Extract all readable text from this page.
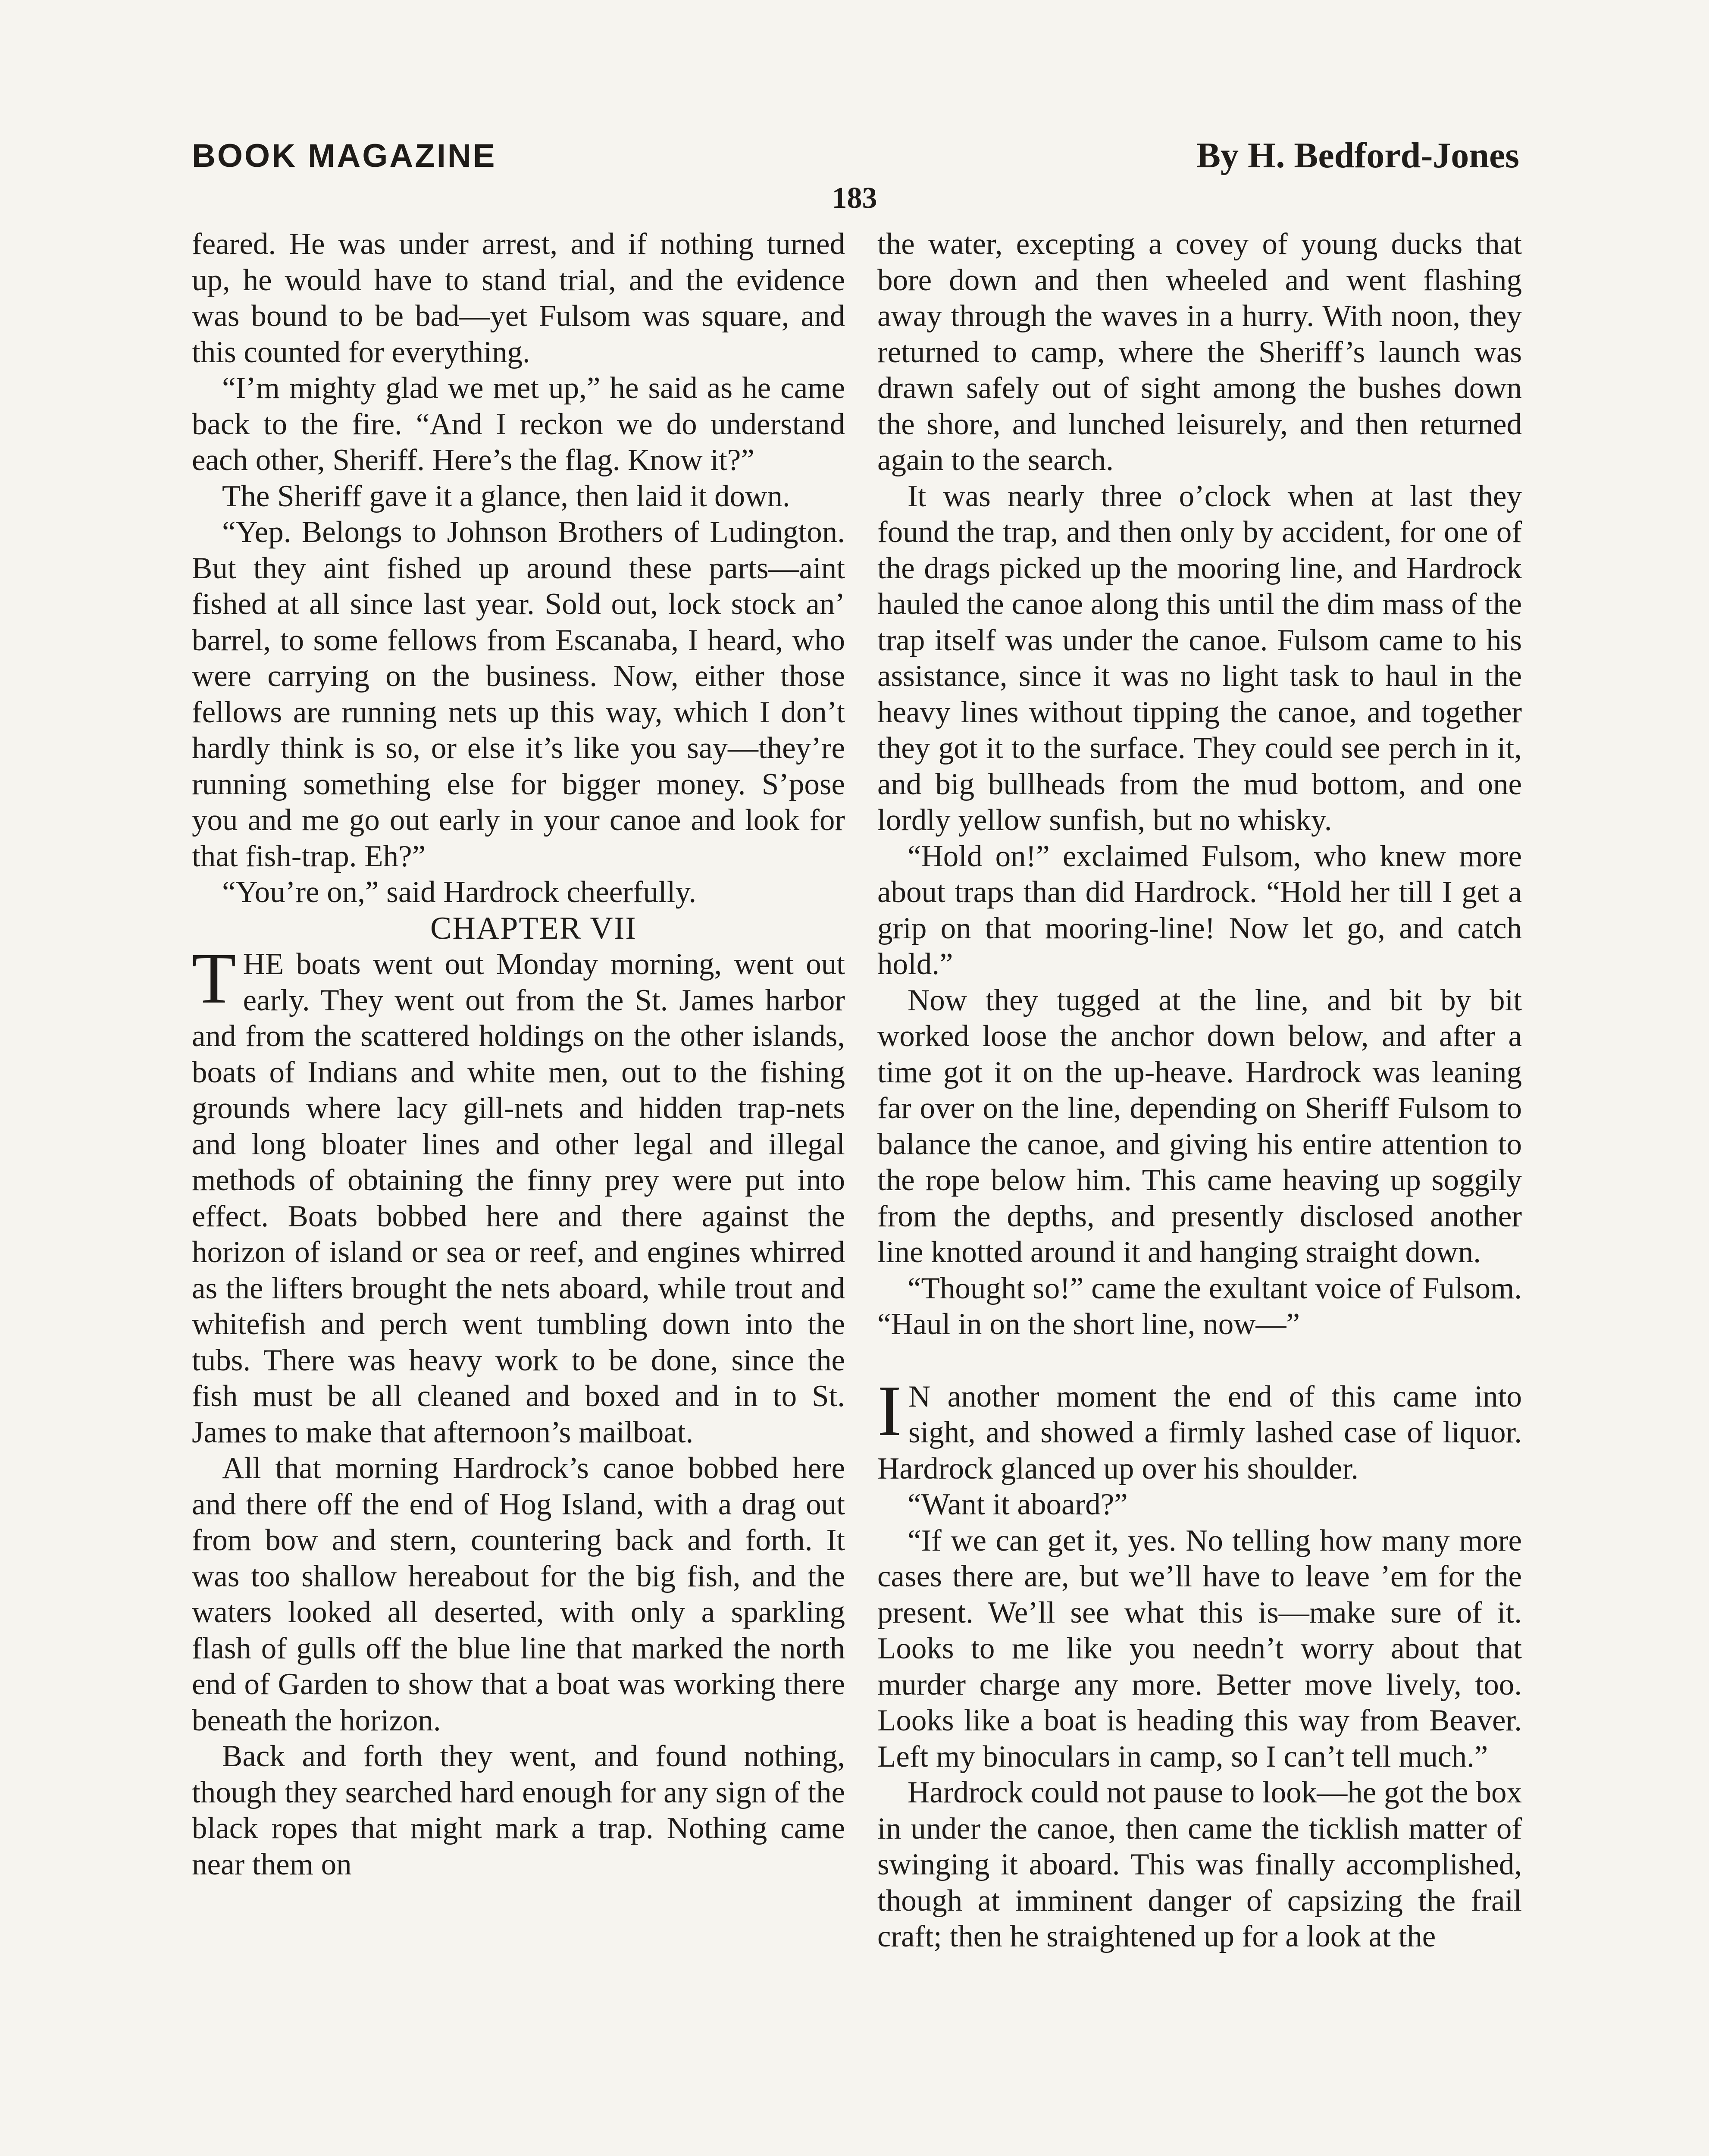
BOOK MAGAZINE	By H. Bedford-Jones
183

feared. He was under arrest, and if nothing turned up, he would have to stand trial, and the evidence was bound to be bad—yet Fulsom was square, and this counted for everything.

“I’m mighty glad we met up,” he said as he came back to the fire. “And I reckon we do understand each other, Sheriff. Here’s the flag. Know it?”

The Sheriff gave it a glance, then laid it down.

“Yep. Belongs to Johnson Brothers of Ludington. But they aint fished up around these parts—aint fished at all since last year. Sold out, lock stock an’ barrel, to some fellows from Escanaba, I heard, who were carrying on the business. Now, either those fellows are running nets up this way, which I don’t hardly think is so, or else it’s like you say—they’re running something else for bigger money. S’pose you and me go out early in your canoe and look for that fish-trap. Eh?”

“You’re on,” said Hardrock cheerfully.

CHAPTER VII

THE boats went out Monday morning, went out early. They went out from the St. James harbor and from the scattered holdings on the other islands, boats of Indians and white men, out to the fishing grounds where lacy gill-nets and hidden trap-nets and long bloater lines and other legal and illegal methods of obtaining the finny prey were put into effect. Boats bobbed here and there against the horizon of island or sea or reef, and engines whirred as the lifters brought the nets aboard, while trout and whitefish and perch went tumbling down into the tubs. There was heavy work to be done, since the fish must be all cleaned and boxed and in to St. James to make that afternoon’s mailboat.

All that morning Hardrock’s canoe bobbed here and there off the end of Hog Island, with a drag out from bow and stern, countering back and forth. It was too shallow hereabout for the big fish, and the waters looked all deserted, with only a sparkling flash of gulls off the blue line that marked the north end of Garden to show that a boat was working there beneath the horizon.

Back and forth they went, and found nothing, though they searched hard enough for any sign of the black ropes that might mark a trap. Nothing came near them on

the water, excepting a covey of young ducks that bore down and then wheeled and went flashing away through the waves in a hurry. With noon, they returned to camp, where the Sheriff’s launch was drawn safely out of sight among the bushes down the shore, and lunched leisurely, and then returned again to the search.

It was nearly three o’clock when at last they found the trap, and then only by accident, for one of the drags picked up the mooring line, and Hardrock hauled the canoe along this until the dim mass of the trap itself was under the canoe. Fulsom came to his assistance, since it was no light task to haul in the heavy lines without tipping the canoe, and together they got it to the surface. They could see perch in it, and big bullheads from the mud bottom, and one lordly yellow sunfish, but no whisky.

“Hold on!” exclaimed Fulsom, who knew more about traps than did Hardrock. “Hold her till I get a grip on that mooring-line! Now let go, and catch hold.”

Now they tugged at the line, and bit by bit worked loose the anchor down below, and after a time got it on the up-heave. Hardrock was leaning far over on the line, depending on Sheriff Fulsom to balance the canoe, and giving his entire attention to the rope below him. This came heaving up soggily from the depths, and presently disclosed another line knotted around it and hanging straight down.

“Thought so!” came the exultant voice of Fulsom. “Haul in on the short line, now—”

I N another moment the end of this came into sight, and showed a firmly lashed case of liquor. Hardrock glanced up over his shoulder.

“Want it aboard?”

“If we can get it, yes. No telling how many more cases there are, but we’ll have to leave ’em for the present. We’ll see what this is—make sure of it. Looks to me like you needn’t worry about that murder charge any more. Better move lively, too. Looks like a boat is heading this way from Beaver. Left my binoculars in camp, so I can’t tell much.”

Hardrock could not pause to look—he got the box in under the canoe, then came the ticklish matter of swinging it aboard. This was finally accomplished, though at imminent danger of capsizing the frail craft; then he straightened up for a look at the
